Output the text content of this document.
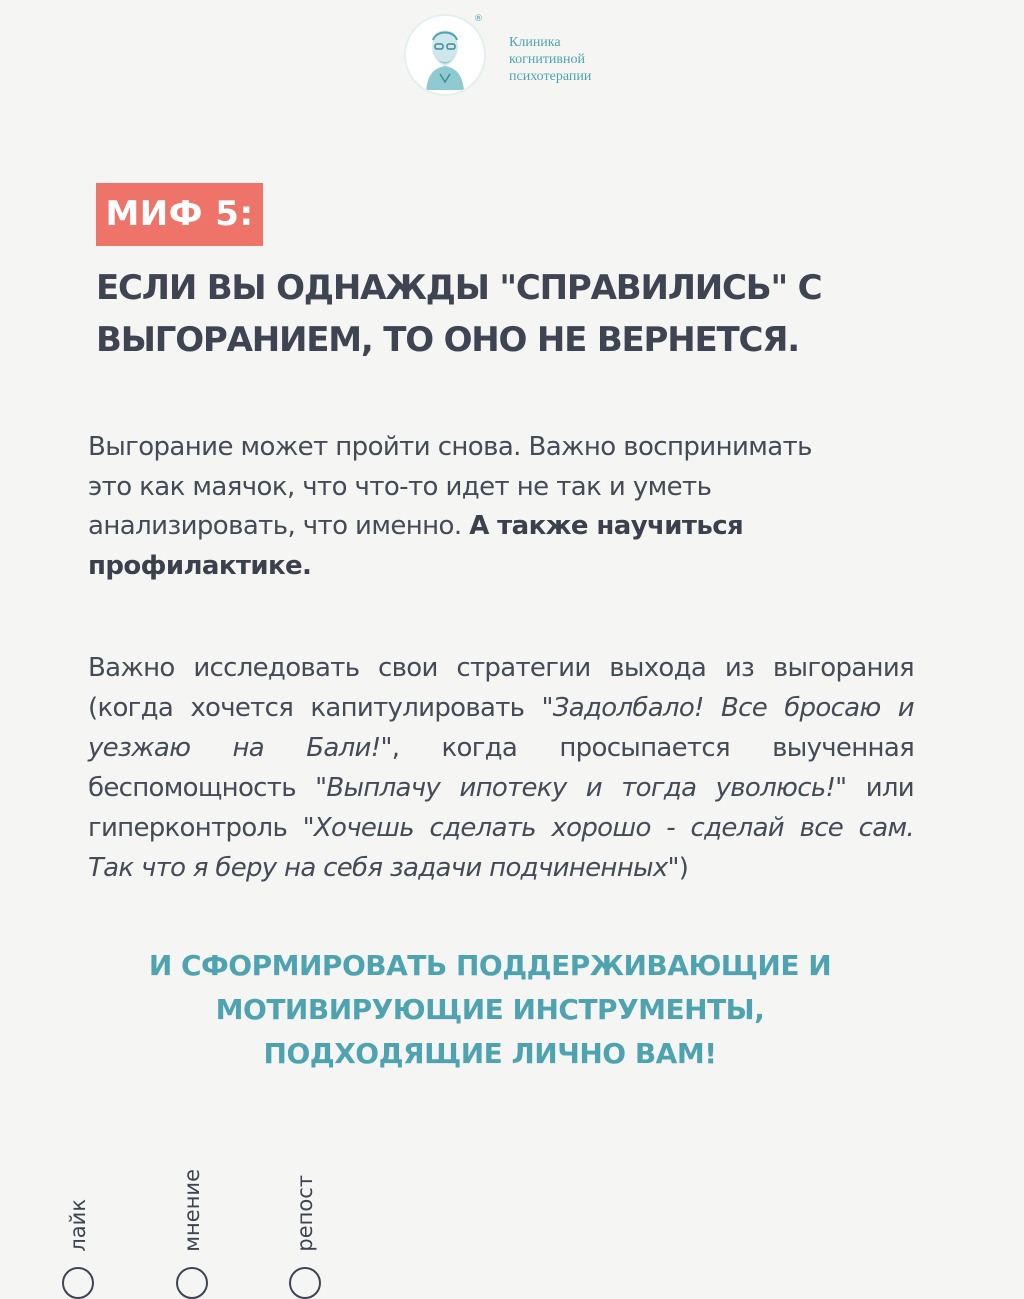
®
Клиника
когнитивной
психотерапии
МИФ 5:
ЕСЛИ ВЫ ОДНАЖДЫ "СПРАВИЛИСЬ" С
ВЫГОРАНИЕМ, ТО ОНО НЕ ВЕРНЕТСЯ.
Выгорание может пройти снова. Важно воспринимать
это как маячок, что что-то идет не так и уметь
анализировать, что именно. А также научиться
профилактике.
Важно исследовать свои стратегии выхода из выгорания
(когда хочется капитулировать "Задолбало! Все бросаю и
уезжаю на Бали!", когда просыпается выученная
беспомощность "Выплачу ипотеку и тогда уволюсь!" или
гиперконтроль "Хочешь сделать хорошо - сделай все сам.
Так что я беру на себя задачи подчиненных")
И СФОРМИРОВАТЬ ПОДДЕРЖИВАЮЩИЕ И
МОТИВИРУЮЩИЕ ИНСТРУМЕНТЫ,
ПОДХОДЯЩИЕ ЛИЧНО ВАМ!
лайк	мнение	репост
